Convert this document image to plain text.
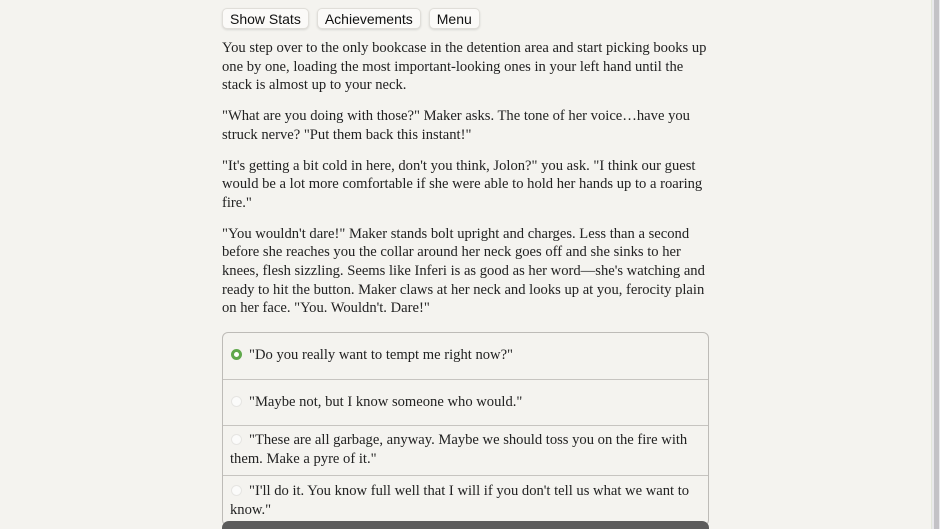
Show Stats	Achievements	Menu

You step over to the only bookcase in the detention area and start picking books up one by one, loading the most important-looking ones in your left hand until the stack is almost up to your neck.

"What are you doing with those?" Maker asks. The tone of her voice…have you struck nerve? "Put them back this instant!"

"It's getting a bit cold in here, don't you think, Jolon?" you ask. "I think our guest would be a lot more comfortable if she were able to hold her hands up to a roaring fire."

"You wouldn't dare!" Maker stands bolt upright and charges. Less than a second before she reaches you the collar around her neck goes off and she sinks to her knees, flesh sizzling. Seems like Inferi is as good as her word—she's watching and ready to hit the button. Maker claws at her neck and looks up at you, ferocity plain on her face. "You. Wouldn't. Dare!"

"Do you really want to tempt me right now?"
"Maybe not, but I know someone who would."
"These are all garbage, anyway. Maybe we should toss you on the fire with them. Make a pyre of it."
"I'll do it. You know full well that I will if you don't tell us what we want to know."
